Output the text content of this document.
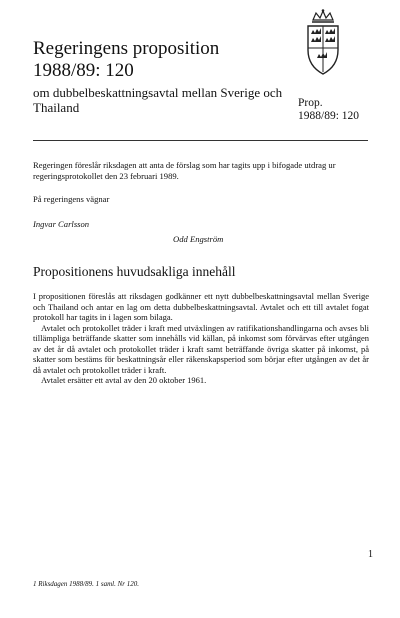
Regeringens proposition
1988/89: 120
om dubbelbeskattningsavtal mellan Sverige och Thailand	Prop.
1988/89: 120
Regeringen föreslår riksdagen att anta de förslag som har tagits upp i bifogade utdrag ur regeringsprotokollet den 23 februari 1989.
På regeringens vägnar
Ingvar Carlsson
Odd Engström
Propositionens huvudsakliga innehåll

I propositionen föreslås att riksdagen godkänner ett nytt dubbelbeskattningsavtal mellan Sverige och Thailand och antar en lag om detta dubbelbeskattningsavtal. Avtalet och ett till avtalet fogat protokoll har tagits in i lagen som bilaga.

Avtalet och protokollet träder i kraft med utväxlingen av ratifikationshandlingarna och avses bli tillämpliga beträffande skatter som innehålls vid källan, på inkomst som förvärvas efter utgången av det år då avtalet och protokollet träder i kraft samt beträffande övriga skatter på inkomst, på skatter som bestäms för beskattningsår eller räkenskapsperiod som börjar efter utgången av det år då avtalet och protokollet träder i kraft.

Avtalet ersätter ett avtal av den 20 oktober 1961.

1
1 Riksdagen 1988/89. 1 saml. Nr 120.
